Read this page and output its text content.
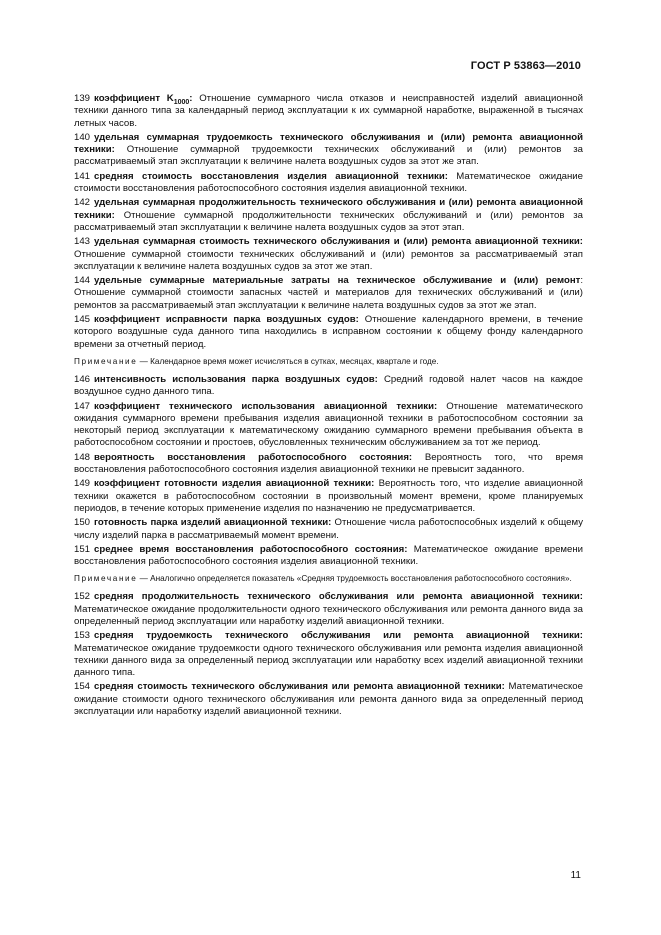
ГОСТ Р 53863—2010

139 коэффициент $K_{1000}$: Отношение суммарного числа отказов и неисправностей изделий авиационной техники данного типа за календарный период эксплуатации к их суммарной наработке, выраженной в тысячах летных часов.

140 удельная суммарная трудоемкость технического обслуживания и (или) ремонта авиационной техники: Отношение суммарной трудоемкости технических обслуживаний и (или) ремонтов за рассматриваемый этап эксплуатации к величине налета воздушных судов за этот же этап.

141 средняя стоимость восстановления изделия авиационной техники: Математическое ожидание стоимости восстановления работоспособного состояния изделия авиационной техники.

142 удельная суммарная продолжительность технического обслуживания и (или) ремонта авиационной техники: Отношение суммарной продолжительности технических обслуживаний и (или) ремонтов за рассматриваемый этап эксплуатации к величине налета воздушных судов за этот этап.

143 удельная суммарная стоимость технического обслуживания и (или) ремонта авиационной техники: Отношение суммарной стоимости технических обслуживаний и (или) ремонтов за рассматриваемый этап эксплуатации к величине налета воздушных судов за этот же этап.

144 удельные суммарные материальные затраты на техническое обслуживание и (или) ремонт: Отношение суммарной стоимости запасных частей и материалов для технических обслуживаний и (или) ремонтов за рассматриваемый этап эксплуатации к величине налета воздушных судов за этот же этап.

145 коэффициент исправности парка воздушных судов: Отношение календарного времени, в течение которого воздушные суда данного типа находились в исправном состоянии к общему фонду календарного времени за отчетный период.

Примечание — Календарное время может исчисляться в сутках, месяцах, квартале и годе.

146 интенсивность использования парка воздушных судов: Средний годовой налет часов на каждое воздушное судно данного типа.

147 коэффициент технического использования авиационной техники: Отношение математического ожидания суммарного времени пребывания изделия авиационной техники в работоспособном состоянии за некоторый период эксплуатации к математическому ожиданию суммарного времени пребывания объекта в работоспособном состоянии и простоев, обусловленных техническим обслуживанием за тот же период.

148 вероятность восстановления работоспособного состояния: Вероятность того, что время восстановления работоспособного состояния изделия авиационной техники не превысит заданного.

149 коэффициент готовности изделия авиационной техники: Вероятность того, что изделие авиационной техники окажется в работоспособном состоянии в произвольный момент времени, кроме планируемых периодов, в течение которых применение изделия по назначению не предусматривается.

150 готовность парка изделий авиационной техники: Отношение числа работоспособных изделий к общему числу изделий парка в рассматриваемый момент времени.

151 среднее время восстановления работоспособного состояния: Математическое ожидание времени восстановления работоспособного состояния изделия авиационной техники.

Примечание — Аналогично определяется показатель «Средняя трудоемкость восстановления работоспособного состояния».

152 средняя продолжительность технического обслуживания или ремонта авиационной техники: Математическое ожидание продолжительности одного технического обслуживания или ремонта данного вида за определенный период эксплуатации или наработку изделий авиационной техники.

153 средняя трудоемкость технического обслуживания или ремонта авиационной техники: Математическое ожидание трудоемкости одного технического обслуживания или ремонта изделия авиационной техники данного вида за определенный период эксплуатации или наработку всех изделий авиационной техники данного типа.

154 средняя стоимость технического обслуживания или ремонта авиационной техники: Математическое ожидание стоимости одного технического обслуживания или ремонта данного вида за определенный период эксплуатации или наработку изделий авиационной техники.

11
